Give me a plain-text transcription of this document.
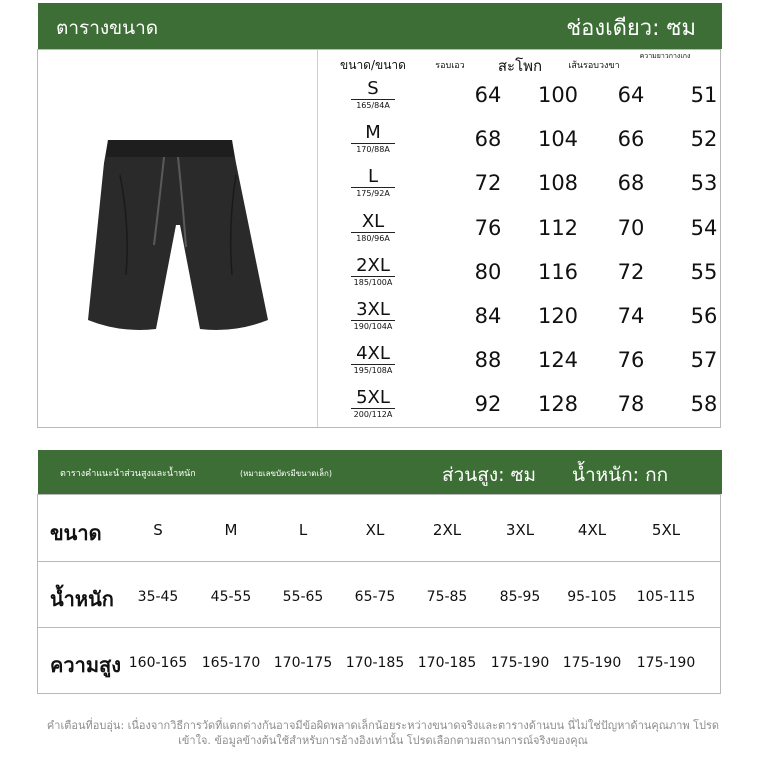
ตารางขนาด	ช่องเดียว: ซม
ขนาด/ขนาด	รอบเอว	สะโพก	เส้นรอบวงขา
ความยาวกางเกง
S
165/84A	64	100	64	51
M
170/88A	68	104	66	52
L
175/92A	72	108	68	53
XL
180/96A	76	112	70	54
2XL
185/100A	80	116	72	55
3XL
190/104A	84	120	74	56
4XL
195/108A	88	124	76	57
5XL
200/112A	92	128	78	58
ตารางคำแนะนำส่วนสูงและน้ำหนัก	(หมายเลขบัตรมีขนาดเล็ก)	ส่วนสูง: ซม น้ำหนัก: กก
ขนาด	S	M	L	XL	2XL	3XL	4XL	5XL
น้ำหนัก	35-45	45-55	55-65	65-75	75-85	85-95	95-105	105-115
ความสูง 160-165	165-170 170-175 170-185 170-185	175-190 175-190	175-190
คำเตือนที่อบอุ่น: เนื่องจากวิธีการวัดที่แตกต่างกันอาจมีข้อผิดพลาดเล็กน้อยระหว่างขนาดจริงและตารางด้านบน นี่ไม่ใช่ปัญหาด้านคุณภาพ โปรดเข้าใจ. ข้อมูลข้างต้นใช้สำหรับการอ้างอิงเท่านั้น โปรดเลือกตามสถานการณ์จริงของคุณ
